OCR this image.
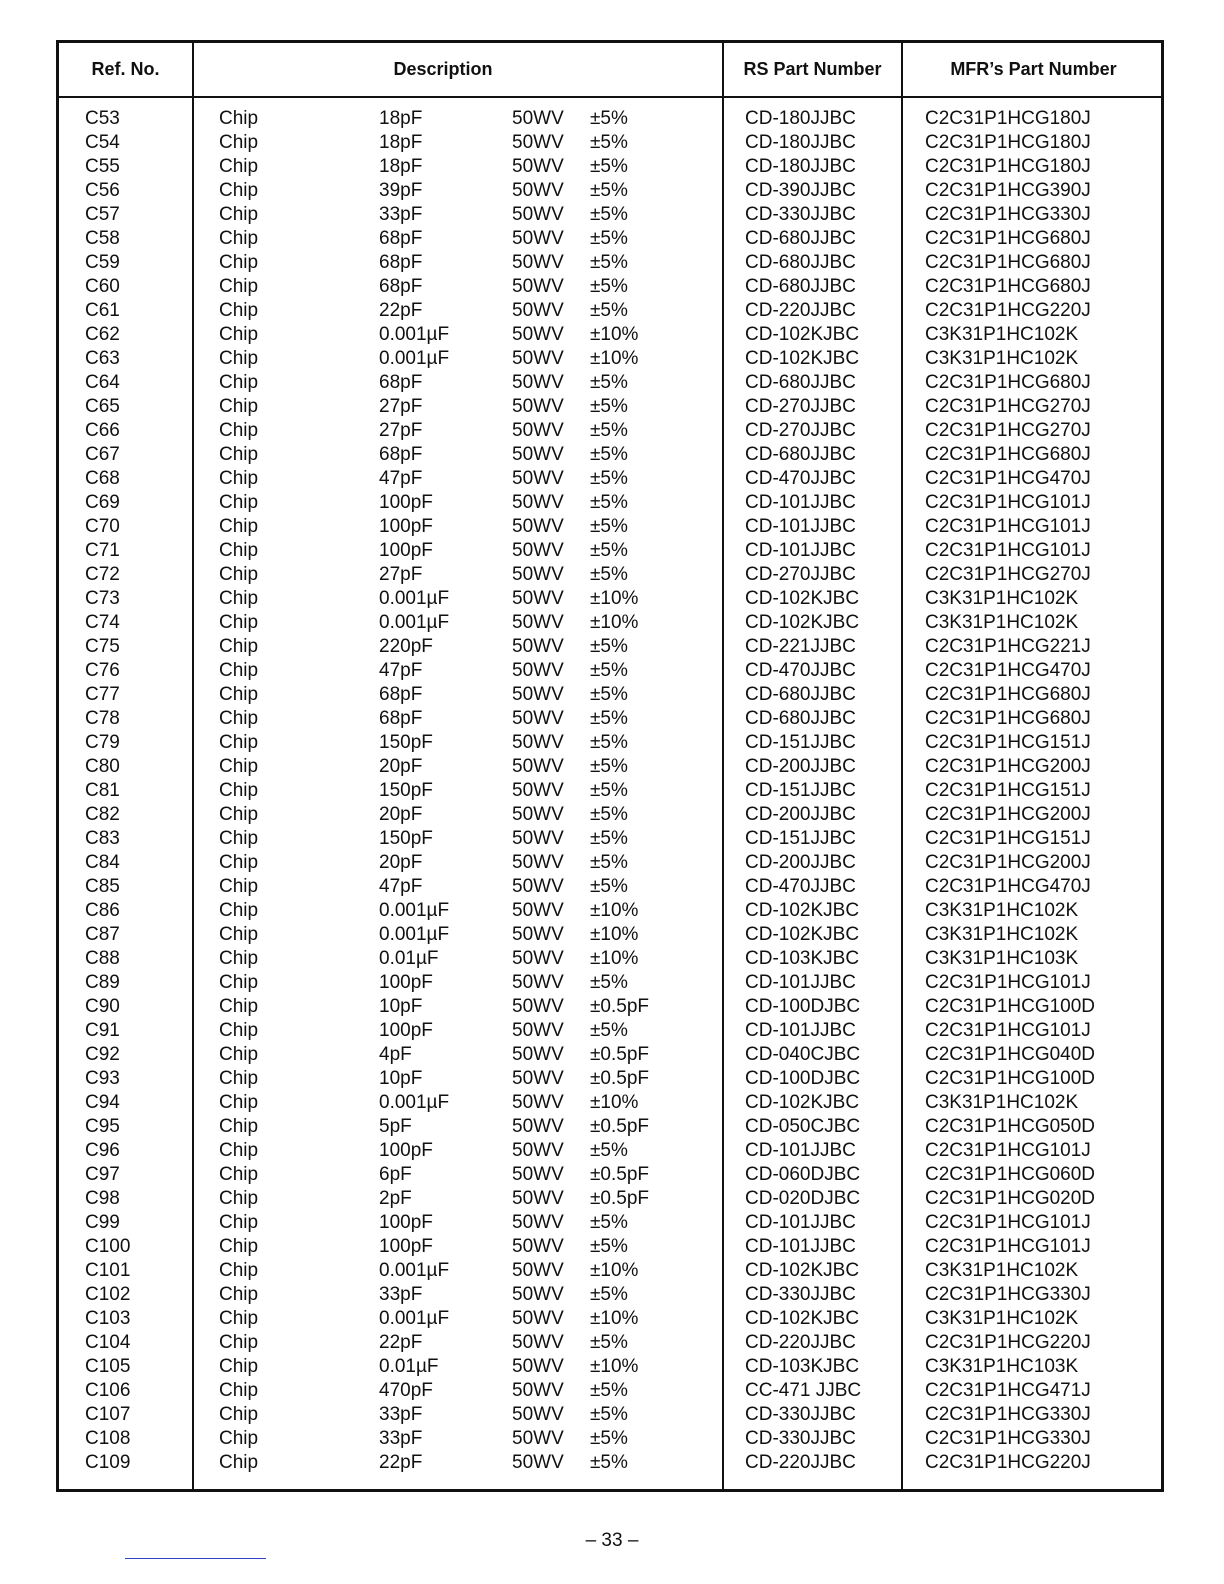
Ref. No.	Description	RS Part Number	MFR’s Part Number
C53	Chip	18pF	50WV ±5%	CD-180JJBC	C2C31P1HCG180J
C54	Chip	18pF	50WV ±5%	CD-180JJBC	C2C31P1HCG180J
C55	Chip	18pF	50WV ±5%	CD-180JJBC	C2C31P1HCG180J
C56	Chip	39pF	50WV ±5%	CD-390JJBC	C2C31P1HCG390J
C57	Chip	33pF	50WV ±5%	CD-330JJBC	C2C31P1HCG330J
C58	Chip	68pF	50WV ±5%	CD-680JJBC	C2C31P1HCG680J
C59	Chip	68pF	50WV ±5%	CD-680JJBC	C2C31P1HCG680J
C60	Chip	68pF	50WV ±5%	CD-680JJBC	C2C31P1HCG680J
C61	Chip	22pF	50WV ±5%	CD-220JJBC	C2C31P1HCG220J
C62	Chip	0.001µF	50WV ±10%	CD-102KJBC	C3K31P1HC102K
C63	Chip	0.001µF	50WV ±10%	CD-102KJBC	C3K31P1HC102K
C64	Chip	68pF	50WV ±5%	CD-680JJBC	C2C31P1HCG680J
C65	Chip	27pF	50WV ±5%	CD-270JJBC	C2C31P1HCG270J
C66	Chip	27pF	50WV ±5%	CD-270JJBC	C2C31P1HCG270J
C67	Chip	68pF	50WV ±5%	CD-680JJBC	C2C31P1HCG680J
C68	Chip	47pF	50WV ±5%	CD-470JJBC	C2C31P1HCG470J
C69	Chip	100pF	50WV ±5%	CD-101JJBC	C2C31P1HCG101J
C70	Chip	100pF	50WV ±5%	CD-101JJBC	C2C31P1HCG101J
C71	Chip	100pF	50WV ±5%	CD-101JJBC	C2C31P1HCG101J
C72	Chip	27pF	50WV ±5%	CD-270JJBC	C2C31P1HCG270J
C73	Chip	0.001µF	50WV ±10%	CD-102KJBC	C3K31P1HC102K
C74	Chip	0.001µF	50WV ±10%	CD-102KJBC	C3K31P1HC102K
C75	Chip	220pF	50WV ±5%	CD-221JJBC	C2C31P1HCG221J
C76	Chip	47pF	50WV ±5%	CD-470JJBC	C2C31P1HCG470J
C77	Chip	68pF	50WV ±5%	CD-680JJBC	C2C31P1HCG680J
C78	Chip	68pF	50WV ±5%	CD-680JJBC	C2C31P1HCG680J
C79	Chip	150pF	50WV ±5%	CD-151JJBC	C2C31P1HCG151J
C80	Chip	20pF	50WV ±5%	CD-200JJBC	C2C31P1HCG200J
C81	Chip	150pF	50WV ±5%	CD-151JJBC	C2C31P1HCG151J
C82	Chip	20pF	50WV ±5%	CD-200JJBC	C2C31P1HCG200J
C83	Chip	150pF	50WV ±5%	CD-151JJBC	C2C31P1HCG151J
C84	Chip	20pF	50WV ±5%	CD-200JJBC	C2C31P1HCG200J
C85	Chip	47pF	50WV ±5%	CD-470JJBC	C2C31P1HCG470J
C86	Chip	0.001µF	50WV ±10%	CD-102KJBC	C3K31P1HC102K
C87	Chip	0.001µF	50WV ±10%	CD-102KJBC	C3K31P1HC102K
C88	Chip	0.01µF	50WV ±10%	CD-103KJBC	C3K31P1HC103K
C89	Chip	100pF	50WV ±5%	CD-101JJBC	C2C31P1HCG101J
C90	Chip	10pF	50WV ±0.5pF	CD-100DJBC	C2C31P1HCG100D
C91	Chip	100pF	50WV ±5%	CD-101JJBC	C2C31P1HCG101J
C92	Chip	4pF	50WV ±0.5pF	CD-040CJBC	C2C31P1HCG040D
C93	Chip	10pF	50WV ±0.5pF	CD-100DJBC	C2C31P1HCG100D
C94	Chip	0.001µF	50WV ±10%	CD-102KJBC	C3K31P1HC102K
C95	Chip	5pF	50WV ±0.5pF	CD-050CJBC	C2C31P1HCG050D
C96	Chip	100pF	50WV ±5%	CD-101JJBC	C2C31P1HCG101J
C97	Chip	6pF	50WV ±0.5pF	CD-060DJBC	C2C31P1HCG060D
C98	Chip	2pF	50WV ±0.5pF	CD-020DJBC	C2C31P1HCG020D
C99	Chip	100pF	50WV ±5%	CD-101JJBC	C2C31P1HCG101J
C100	Chip	100pF	50WV ±5%	CD-101JJBC	C2C31P1HCG101J
C101	Chip	0.001µF	50WV ±10%	CD-102KJBC	C3K31P1HC102K
C102	Chip	33pF	50WV ±5%	CD-330JJBC	C2C31P1HCG330J
C103	Chip	0.001µF	50WV ±10%	CD-102KJBC	C3K31P1HC102K
C104	Chip	22pF	50WV ±5%	CD-220JJBC	C2C31P1HCG220J
C105	Chip	0.01µF	50WV ±10%	CD-103KJBC	C3K31P1HC103K
C106	Chip	470pF	50WV ±5%	CC-471 JJBC	C2C31P1HCG471J
C107	Chip	33pF	50WV ±5%	CD-330JJBC	C2C31P1HCG330J
C108	Chip	33pF	50WV ±5%	CD-330JJBC	C2C31P1HCG330J
C109	Chip	22pF	50WV ±5%	CD-220JJBC	C2C31P1HCG220J
– 33 –
